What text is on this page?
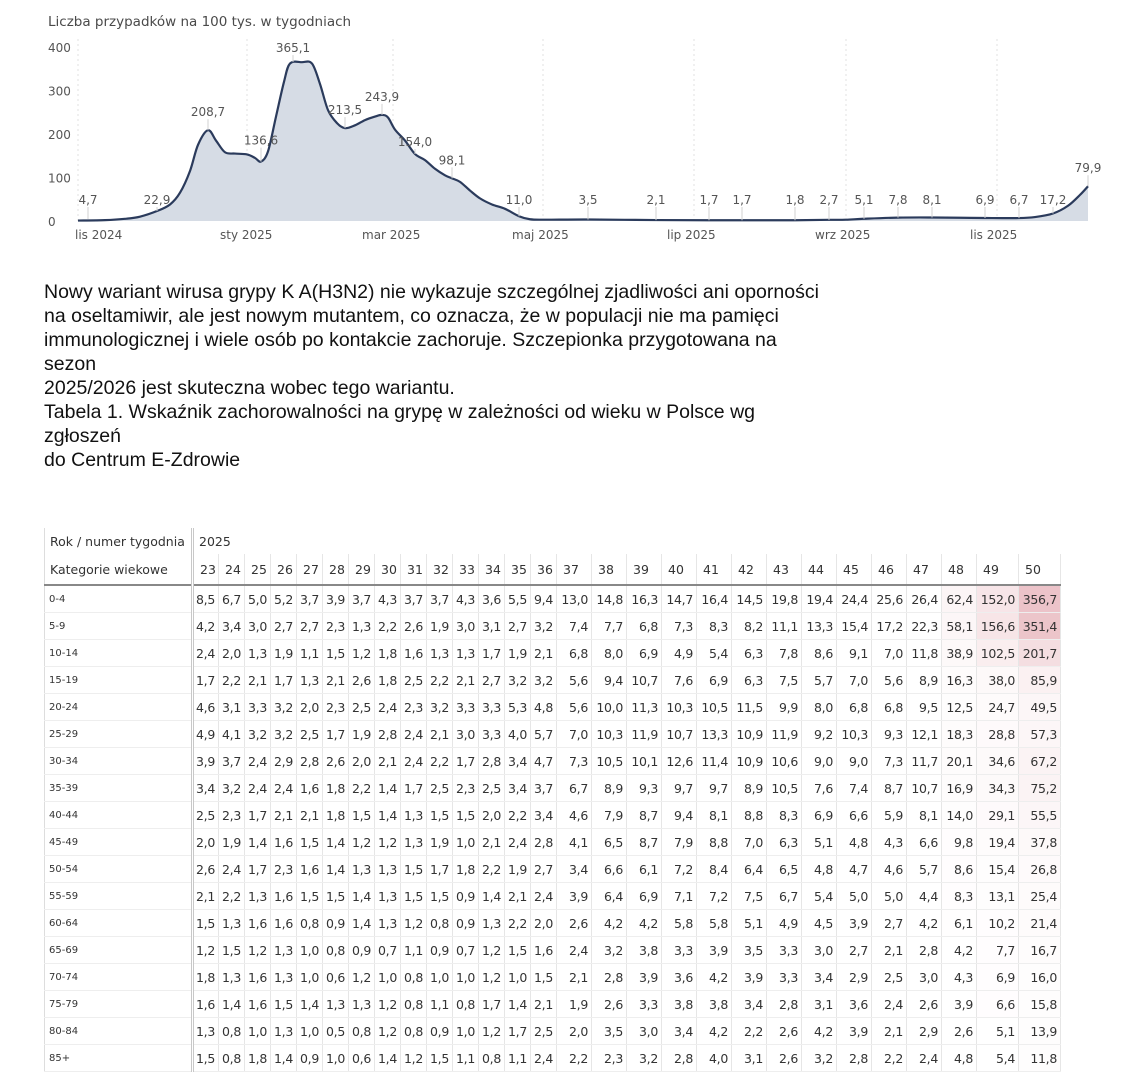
0
100
200
300
400
lis 2024	sty 2025	mar 2025	maj 2025	lip 2025	wrz 2025	lis 2025
4,7	22,9
208,7
136,6
365,1
213,5
243,9
154,0
98,1
11,0	3,5	2,1	1,7 1,7	1,8 2,7 5,1 7,8 8,1	6,9 6,7 17,2
79,9
Liczba przypadków na 100 tys. w tygodniach
Nowy wariant wirusa grypy K A(H3N2) nie wykazuje szczególnej zjadliwości ani oporności
na oseltamiwir, ale jest nowym mutantem, co oznacza, że w populacji nie ma pamięci
immunologicznej i wiele osób po kontakcie zachoruje. Szczepionka przygotowana na
sezon
2025/2026 jest skuteczna wobec tego wariantu.
Tabela 1. Wskaźnik zachorowalności na grypę w zależności od wieku w Polsce wg
zgłoszeń
do Centrum E-Zdrowie
Rok / numer tygodnia	2025																											
Kategorie wiekowe	23	24	25	26	27	28	29	30	31	32	33	34	35	36	37	38	39	40	41	42	43	44	45	46	47	48	49	50
0-4	8,5	6,7	5,0	5,2	3,7	3,9	3,7	4,3	3,7	3,7	4,3	3,6	5,5	9,4	13,0	14,8	16,3	14,7	16,4	14,5	19,8	19,4	24,4	25,6	26,4	62,4	152,0	356,7
5-9	4,2	3,4	3,0	2,7	2,7	2,3	1,3	2,2	2,6	1,9	3,0	3,1	2,7	3,2	7,4	7,7	6,8	7,3	8,3	8,2	11,1	13,3	15,4	17,2	22,3	58,1	156,6	351,4
10-14	2,4	2,0	1,3	1,9	1,1	1,5	1,2	1,8	1,6	1,3	1,3	1,7	1,9	2,1	6,8	8,0	6,9	4,9	5,4	6,3	7,8	8,6	9,1	7,0	11,8	38,9	102,5	201,7
15-19	1,7	2,2	2,1	1,7	1,3	2,1	2,6	1,8	2,5	2,2	2,1	2,7	3,2	3,2	5,6	9,4	10,7	7,6	6,9	6,3	7,5	5,7	7,0	5,6	8,9	16,3	38,0	85,9
20-24	4,6	3,1	3,3	3,2	2,0	2,3	2,5	2,4	2,3	3,2	3,3	3,3	5,3	4,8	5,6	10,0	11,3	10,3	10,5	11,5	9,9	8,0	6,8	6,8	9,5	12,5	24,7	49,5
25-29	4,9	4,1	3,2	3,2	2,5	1,7	1,9	2,8	2,4	2,1	3,0	3,3	4,0	5,7	7,0	10,3	11,9	10,7	13,3	10,9	11,9	9,2	10,3	9,3	12,1	18,3	28,8	57,3
30-34	3,9	3,7	2,4	2,9	2,8	2,6	2,0	2,1	2,4	2,2	1,7	2,8	3,4	4,7	7,3	10,5	10,1	12,6	11,4	10,9	10,6	9,0	9,0	7,3	11,7	20,1	34,6	67,2
35-39	3,4	3,2	2,4	2,4	1,6	1,8	2,2	1,4	1,7	2,5	2,3	2,5	3,4	3,7	6,7	8,9	9,3	9,7	9,7	8,9	10,5	7,6	7,4	8,7	10,7	16,9	34,3	75,2
40-44	2,5	2,3	1,7	2,1	2,1	1,8	1,5	1,4	1,3	1,5	1,5	2,0	2,2	3,4	4,6	7,9	8,7	9,4	8,1	8,8	8,3	6,9	6,6	5,9	8,1	14,0	29,1	55,5
45-49	2,0	1,9	1,4	1,6	1,5	1,4	1,2	1,2	1,3	1,9	1,0	2,1	2,4	2,8	4,1	6,5	8,7	7,9	8,8	7,0	6,3	5,1	4,8	4,3	6,6	9,8	19,4	37,8
50-54	2,6	2,4	1,7	2,3	1,6	1,4	1,3	1,3	1,5	1,7	1,8	2,2	1,9	2,7	3,4	6,6	6,1	7,2	8,4	6,4	6,5	4,8	4,7	4,6	5,7	8,6	15,4	26,8
55-59	2,1	2,2	1,3	1,6	1,5	1,5	1,4	1,3	1,5	1,5	0,9	1,4	2,1	2,4	3,9	6,4	6,9	7,1	7,2	7,5	6,7	5,4	5,0	5,0	4,4	8,3	13,1	25,4
60-64	1,5	1,3	1,6	1,6	0,8	0,9	1,4	1,3	1,2	0,8	0,9	1,3	2,2	2,0	2,6	4,2	4,2	5,8	5,8	5,1	4,9	4,5	3,9	2,7	4,2	6,1	10,2	21,4
65-69	1,2	1,5	1,2	1,3	1,0	0,8	0,9	0,7	1,1	0,9	0,7	1,2	1,5	1,6	2,4	3,2	3,8	3,3	3,9	3,5	3,3	3,0	2,7	2,1	2,8	4,2	7,7	16,7
70-74	1,8	1,3	1,6	1,3	1,0	0,6	1,2	1,0	0,8	1,0	1,0	1,2	1,0	1,5	2,1	2,8	3,9	3,6	4,2	3,9	3,3	3,4	2,9	2,5	3,0	4,3	6,9	16,0
75-79	1,6	1,4	1,6	1,5	1,4	1,3	1,3	1,2	0,8	1,1	0,8	1,7	1,4	2,1	1,9	2,6	3,3	3,8	3,8	3,4	2,8	3,1	3,6	2,4	2,6	3,9	6,6	15,8
80-84	1,3	0,8	1,0	1,3	1,0	0,5	0,8	1,2	0,8	0,9	1,0	1,2	1,7	2,5	2,0	3,5	3,0	3,4	4,2	2,2	2,6	4,2	3,9	2,1	2,9	2,6	5,1	13,9
85+	1,5	0,8	1,8	1,4	0,9	1,0	0,6	1,4	1,2	1,5	1,1	0,8	1,1	2,4	2,2	2,3	3,2	2,8	4,0	3,1	2,6	3,2	2,8	2,2	2,4	4,8	5,4	11,8
